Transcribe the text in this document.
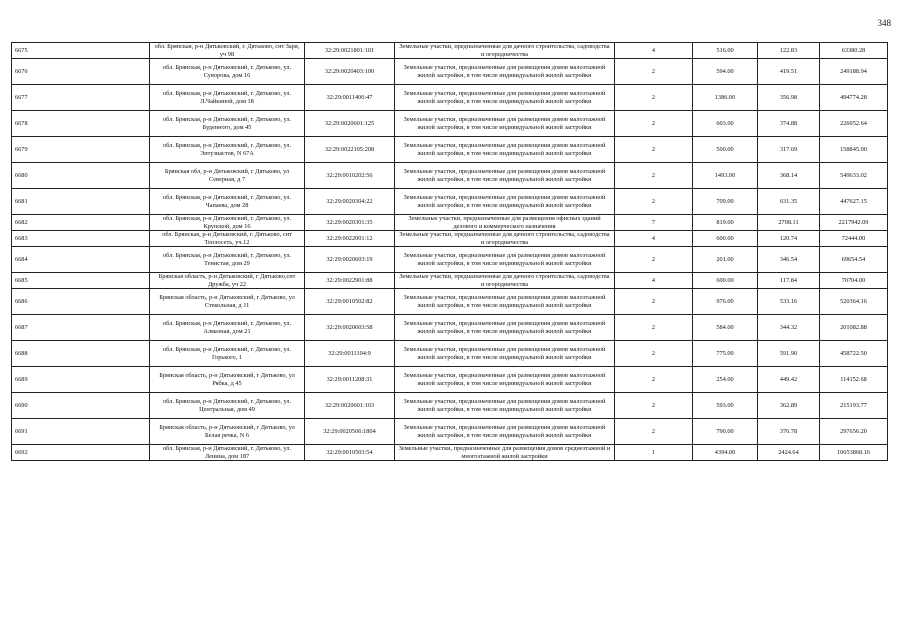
348
6675	обл. Брянская, р-н Дятьковский, г. Дятьково, снт Заря, уч 98	32:29:0021801:101	Земельные участки, предназначенные для дачного строительства, садоводства и огородничества	4	516.00	122.83	63380.28
6676	обл. Брянская, р-н Дятьковский, г. Дятьково, ул. Суворова, дом 16	32:29:0020403:100	Земельные участки, предназначенные для размещения домов малоэтажной жилой застройки, в том числе индивидуальной жилой застройки	2	594.00	419.51	249188.94
6677	обл. Брянская, р-н Дятьковский, г. Дятьково, ул. Л.Чайкиной, дом 18	32:29:0011406:47	Земельные участки, предназначенные для размещения домов малоэтажной жилой застройки, в том числе индивидуальной жилой застройки	2	1386.00	356.98	494774.28
6678	обл. Брянская, р-н Дятьковский, г. Дятьково, ул. Буденного, дом 45	32:29:0020601:125	Земельные участки, предназначенные для размещения домов малоэтажной жилой застройки, в том числе индивидуальной жилой застройки	2	603.00	374.88	226052.64
6679	обл. Брянская, р-н Дятьковский, г. Дятьково, ул. Энтузиастов, N 67А	32:29:0022105:208	Земельные участки, предназначенные для размещения домов малоэтажной жилой застройки, в том числе индивидуальной жилой застройки	2	500.00	317.69	158845.00
6680	Брянская обл, р-н Дятьковский, г Дятьково, ул Северная, д 7	32:29:0010202:56	Земельные участки, предназначенные для размещения домов малоэтажной жилой застройки, в том числе индивидуальной жилой застройки	2	1493.00	368.14	549633.02
6681	обл. Брянская, р-н Дятьковский, г. Дятьково, ул. Чапаева, дом 28	32:29:0020304:22	Земельные участки, предназначенные для размещения домов малоэтажной жилой застройки, в том числе индивидуальной жилой застройки	2	709.00	631.35	447627.15
6682	обл. Брянская, р-н Дятьковский, г. Дятьково, ул. Крупской, дом 16	32:29:0020301:35	Земельные участки, предназначенные для размещения офисных зданий делового и коммерческого назначения	7	819.00	2708.11	2217942.09
6683	обл. Брянская, р-н Дятьковский, г. Дятьково, снт Теплосеть, уч.12	32:29:0022001:12	Земельные участки, предназначенные для дачного строительства, садоводства и огородничества	4	600.00	120.74	72444.00
6684	обл. Брянская, р-н Дятьковский, г. Дятьково, ул. Тенистая, дом 29	32:29:0020603:19	Земельные участки, предназначенные для размещения домов малоэтажной жилой застройки, в том числе индивидуальной жилой застройки	2	201.00	346.54	69654.54
6685	Брянская область, р-н Дятьковский, г Дятьково,снт Дружба, уч 22	32:29:0022901:88	Земельные участки, предназначенные для дачного строительства, садоводства и огородничества	4	600.00	117.84	70704.00
6686	Брянская область, р-н Дятьковский, г Дятьково, ул Стекольная, д 11	32:29:0010502:82	Земельные участки, предназначенные для размещения домов малоэтажной жилой застройки, в том числе индивидуальной жилой застройки	2	976.00	533.16	520364.16
6687	обл. Брянская, р-н Дятьковский, г. Дятьково, ул. Алмазная, дом 21	32:29:0020603:58	Земельные участки, предназначенные для размещения домов малоэтажной жилой застройки, в том числе индивидуальной жилой застройки	2	584.00	344.32	201082.88
6688	обл. Брянская, р-н Дятьковский, г. Дятьково, ул. Горького, 1	32:29:0011104:9	Земельные участки, предназначенные для размещения домов малоэтажной жилой застройки, в том числе индивидуальной жилой застройки	2	775.00	591.90	458722.50
6689	Брянская область, р-н Дятьковский, г Дятьково, ул Рябка, д 45	32:29:0011208:31	Земельные участки, предназначенные для размещения домов малоэтажной жилой застройки, в том числе индивидуальной жилой застройки	2	254.00	449.42	114152.68
6690	обл. Брянская, р-н Дятьковский, г. Дятьково, ул. Центральная, дом 49	32:29:0020601:103	Земельные участки, предназначенные для размещения домов малоэтажной жилой застройки, в том числе индивидуальной жилой застройки	2	593.00	362.89	215193.77
6691	Брянская область, р-н Дятьковский, г Дятьково, ул Белая речка, N 6	32:29:0020506:1804	Земельные участки, предназначенные для размещения домов малоэтажной жилой застройки, в том числе индивидуальной жилой застройки	2	790.00	376.78	297656.20
6692	обл. Брянская, р-н Дятьковский, г. Дятьково, ул. Ленина, дом 187	32:29:0010503:54	Земельные участки, предназначенные для размещения домов среднеэтажной и многоэтажной жилой застройки	1	4394.00	2424.64	10653868.16
